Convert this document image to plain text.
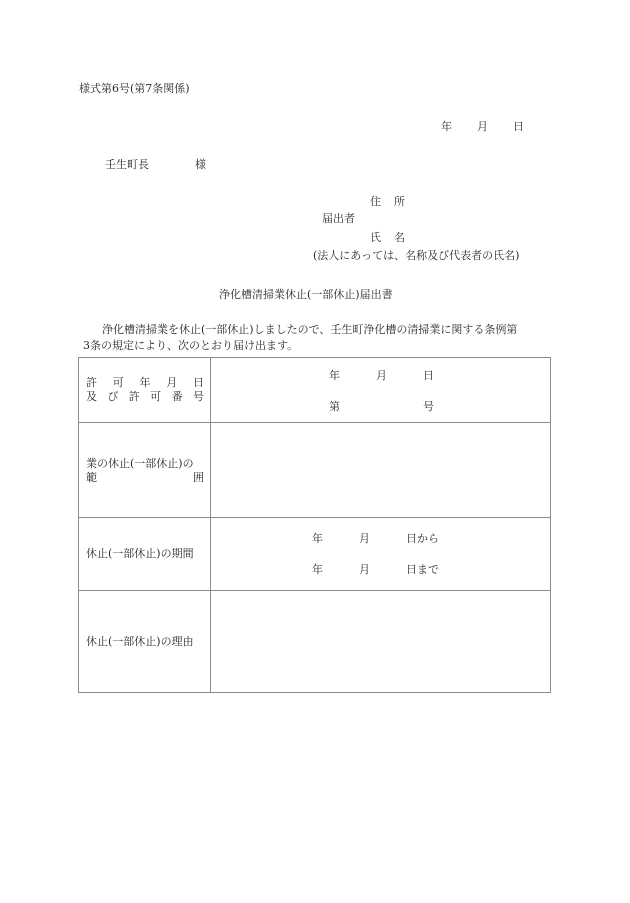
様式第6号(第7条関係)
年 月 日
壬生町長	様
住 所
届出者
氏 名
(法人にあっては、名称及び代表者の氏名)
浄化槽清掃業休止(一部休止)届出書
浄化槽清掃業を休止(一部休止)しましたので、壬生町浄化槽の清掃業に関する条例第
3条の規定により、次のとおり届け出ます。
許 可 年 月 日
及 び 許 可 番 号
年	月	日
第	号
業の休止(一部休止)の
範	囲
休止(一部休止)の期間
年	月	日から
年	月	日まで
休止(一部休止)の理由
